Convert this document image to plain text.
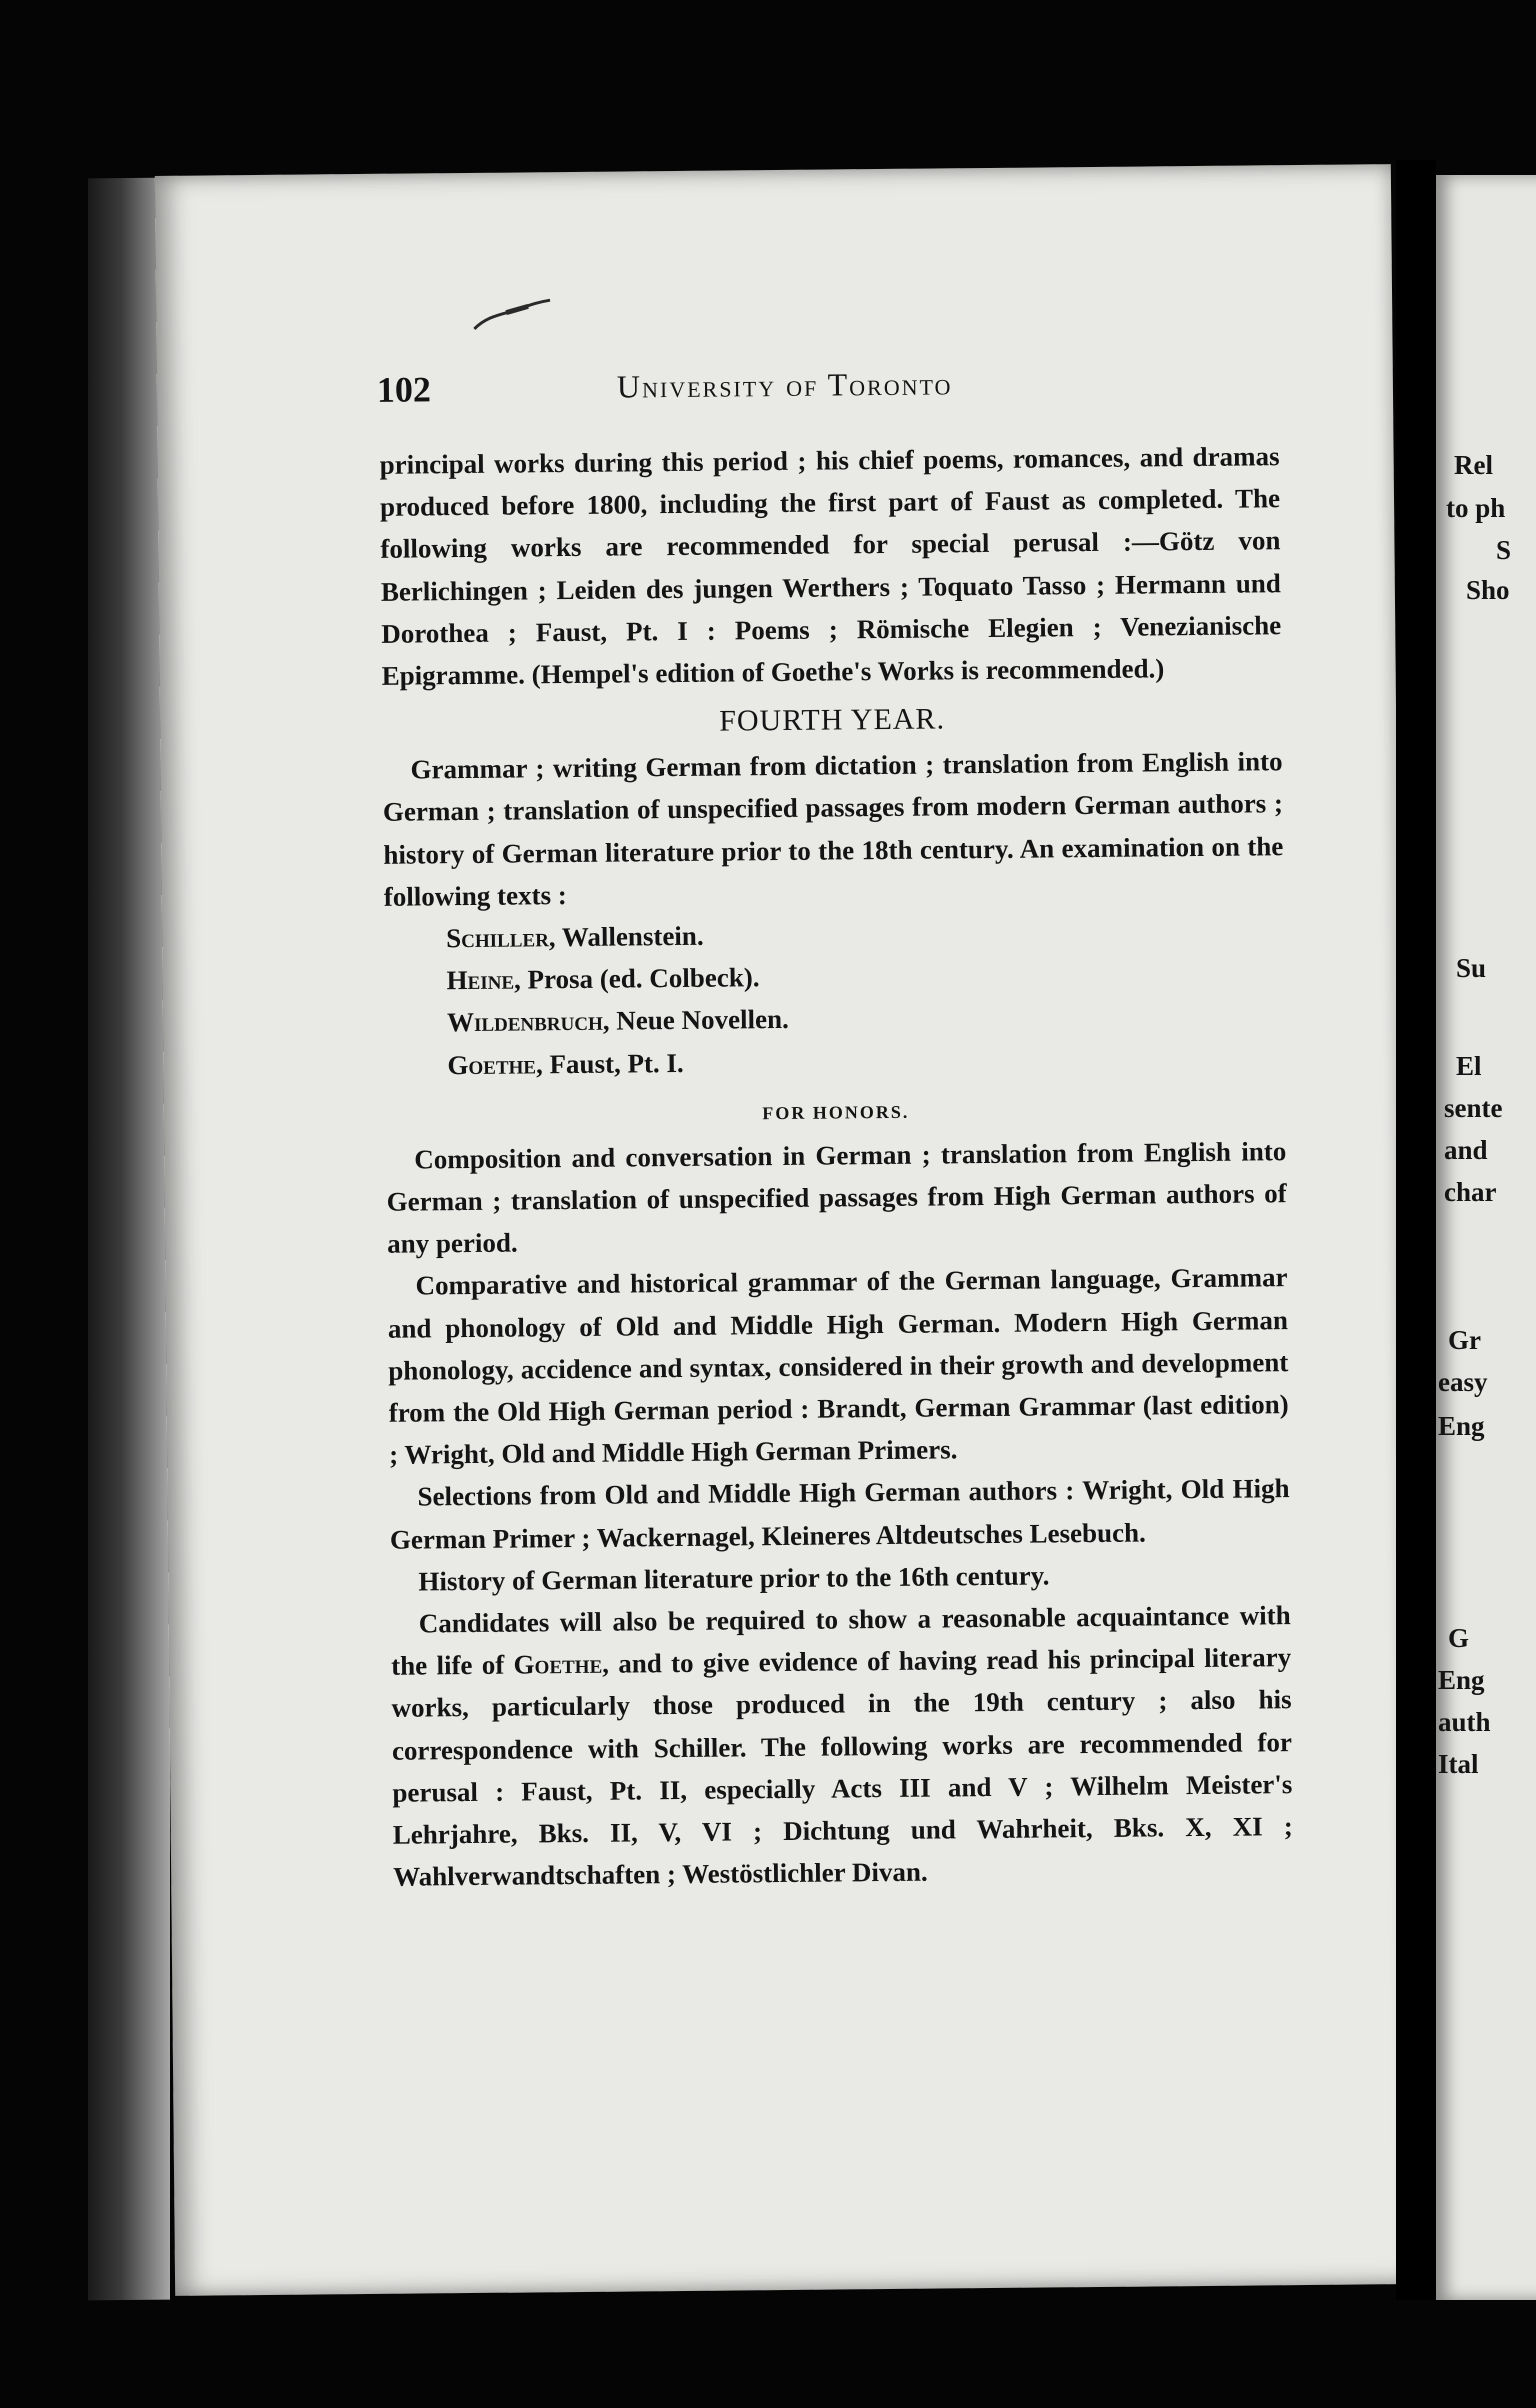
102	University of Toronto

principal works during this period ; his chief poems, romances, and dramas produced before 1800, including the first part of Faust as completed. The following works are recommended for special perusal :—Götz von Berlichingen ; Leiden des jungen Werthers ; Toquato Tasso ; Hermann und Dorothea ; Faust, Pt. I : Poems ; Römische Elegien ; Venezianische Epigramme. (Hempel's edition of Goethe's Works is recommended.)

FOURTH YEAR.

Grammar ; writing German from dictation ; translation from English into German ; translation of unspecified passages from modern German authors ; history of German literature prior to the 18th century. An examination on the following texts :

Schiller, Wallenstein.
Heine, Prosa (ed. Colbeck).
Wildenbruch, Neue Novellen.
Goethe, Faust, Pt. I.
FOR HONORS.

Composition and conversation in German ; translation from English into German ; translation of unspecified passages from High German authors of any period.

Comparative and historical grammar of the German language, Grammar and phonology of Old and Middle High German. Modern High German phonology, accidence and syntax, considered in their growth and development from the Old High German period : Brandt, German Grammar (last edition) ; Wright, Old and Middle High German Primers.

Selections from Old and Middle High German authors : Wright, Old High German Primer ; Wackernagel, Kleineres Altdeutsches Lesebuch.

History of German literature prior to the 16th century.

Candidates will also be required to show a reasonable acquaintance with the life of Goethe, and to give evidence of having read his principal literary works, particularly those produced in the 19th century ; also his correspondence with Schiller. The following works are recommended for perusal : Faust, Pt. II, especially Acts III and V ; Wilhelm Meister's Lehrjahre, Bks. II, V, VI ; Dichtung und Wahrheit, Bks. X, XI ; Wahlverwandtschaften ; Westöstlichler Divan.

Rel
to ph
S
Sho
Su
El
sente
and
char
Gr
easy
Eng
G
Eng
auth
Ital
